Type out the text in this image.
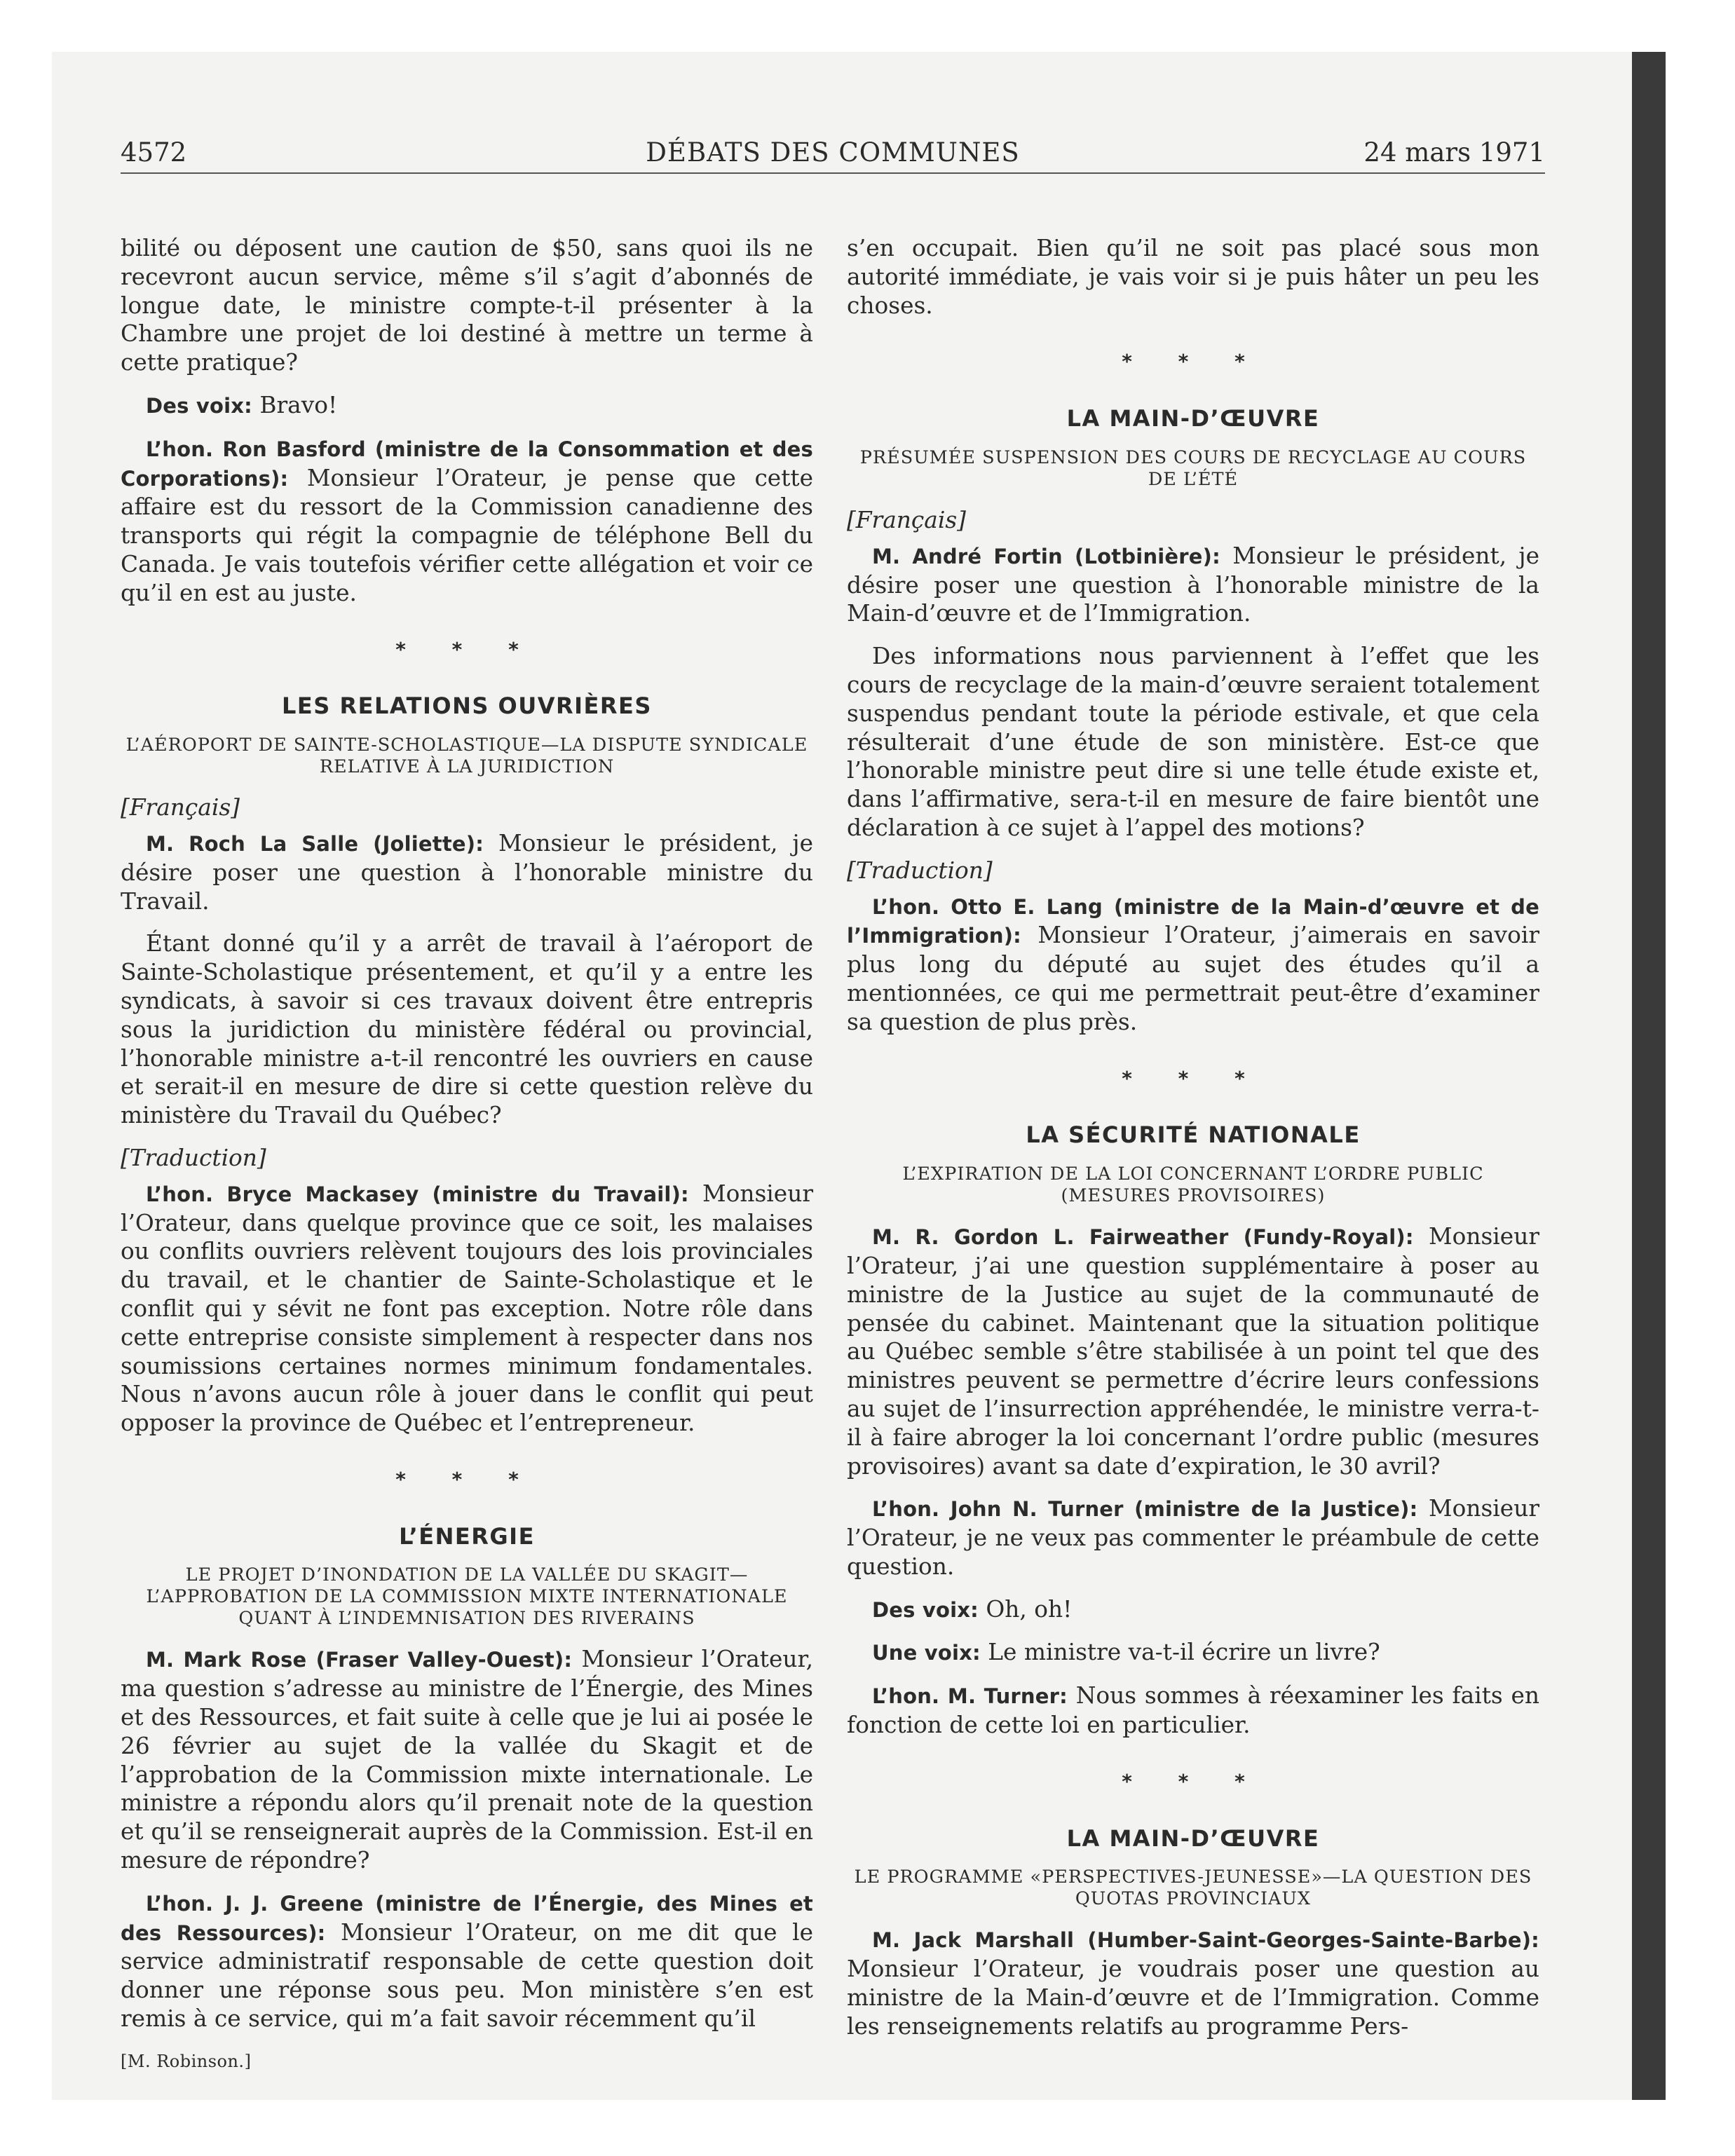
4572	DÉBATS DES COMMUNES	24 mars 1971

bilité ou déposent une caution de $50, sans quoi ils ne recevront aucun service, même s’il s’agit d’abonnés de longue date, le ministre compte-t-il présenter à la Chambre une projet de loi destiné à mettre un terme à cette pratique?

Des voix: Bravo!

L’hon. Ron Basford (ministre de la Consommation et des Corporations): Monsieur l’Orateur, je pense que cette affaire est du ressort de la Commission canadienne des transports qui régit la compagnie de téléphone Bell du Canada. Je vais toutefois vérifier cette allégation et voir ce qu’il en est au juste.

* * *
LES RELATIONS OUVRIÈRES
L’AÉROPORT DE SAINTE-SCHOLASTIQUE—LA DISPUTE SYNDICALE RELATIVE À LA JURIDICTION
[Français]

M. Roch La Salle (Joliette): Monsieur le président, je désire poser une question à l’honorable ministre du Travail.

Étant donné qu’il y a arrêt de travail à l’aéroport de Sainte-Scholastique présentement, et qu’il y a entre les syndicats, à savoir si ces travaux doivent être entrepris sous la juridiction du ministère fédéral ou provincial, l’honorable ministre a-t-il rencontré les ouvriers en cause et serait-il en mesure de dire si cette question relève du ministère du Travail du Québec?

[Traduction]

L’hon. Bryce Mackasey (ministre du Travail): Monsieur l’Orateur, dans quelque province que ce soit, les malaises ou conflits ouvriers relèvent toujours des lois provinciales du travail, et le chantier de Sainte-Scholastique et le conflit qui y sévit ne font pas exception. Notre rôle dans cette entreprise consiste simplement à respecter dans nos soumissions certaines normes minimum fondamentales. Nous n’avons aucun rôle à jouer dans le conflit qui peut opposer la province de Québec et l’entrepreneur.

* * *
L’ÉNERGIE
LE PROJET D’INONDATION DE LA VALLÉE DU SKAGIT—L’APPROBATION DE LA COMMISSION MIXTE INTERNATIONALE QUANT À L’INDEMNISATION DES RIVERAINS

M. Mark Rose (Fraser Valley-Ouest): Monsieur l’Orateur, ma question s’adresse au ministre de l’Énergie, des Mines et des Ressources, et fait suite à celle que je lui ai posée le 26 février au sujet de la vallée du Skagit et de l’approbation de la Commission mixte internationale. Le ministre a répondu alors qu’il prenait note de la question et qu’il se renseignerait auprès de la Commission. Est-il en mesure de répondre?

L’hon. J. J. Greene (ministre de l’Énergie, des Mines et des Ressources): Monsieur l’Orateur, on me dit que le service administratif responsable de cette question doit donner une réponse sous peu. Mon ministère s’en est remis à ce service, qui m’a fait savoir récemment qu’il

[M. Robinson.]

s’en occupait. Bien qu’il ne soit pas placé sous mon autorité immédiate, je vais voir si je puis hâter un peu les choses.

* * *
LA MAIN-D’ŒUVRE
PRÉSUMÉE SUSPENSION DES COURS DE RECYCLAGE AU COURS DE L’ÉTÉ
[Français]

M. André Fortin (Lotbinière): Monsieur le président, je désire poser une question à l’honorable ministre de la Main-d’œuvre et de l’Immigration.

Des informations nous parviennent à l’effet que les cours de recyclage de la main-d’œuvre seraient totalement suspendus pendant toute la période estivale, et que cela résulterait d’une étude de son ministère. Est-ce que l’honorable ministre peut dire si une telle étude existe et, dans l’affirmative, sera-t-il en mesure de faire bientôt une déclaration à ce sujet à l’appel des motions?

[Traduction]

L’hon. Otto E. Lang (ministre de la Main-d’œuvre et de l’Immigration): Monsieur l’Orateur, j’aimerais en savoir plus long du député au sujet des études qu’il a mentionnées, ce qui me permettrait peut-être d’examiner sa question de plus près.

* * *
LA SÉCURITÉ NATIONALE
L’EXPIRATION DE LA LOI CONCERNANT L’ORDRE PUBLIC (MESURES PROVISOIRES)

M. R. Gordon L. Fairweather (Fundy-Royal): Monsieur l’Orateur, j’ai une question supplémentaire à poser au ministre de la Justice au sujet de la communauté de pensée du cabinet. Maintenant que la situation politique au Québec semble s’être stabilisée à un point tel que des ministres peuvent se permettre d’écrire leurs confessions au sujet de l’insurrection appréhendée, le ministre verra-t-il à faire abroger la loi concernant l’ordre public (mesures provisoires) avant sa date d’expiration, le 30 avril?

L’hon. John N. Turner (ministre de la Justice): Monsieur l’Orateur, je ne veux pas commenter le préambule de cette question.

Des voix: Oh, oh!

Une voix: Le ministre va-t-il écrire un livre?

L’hon. M. Turner: Nous sommes à réexaminer les faits en fonction de cette loi en particulier.

* * *
LA MAIN-D’ŒUVRE
LE PROGRAMME «PERSPECTIVES-JEUNESSE»—LA QUESTION DES QUOTAS PROVINCIAUX

M. Jack Marshall (Humber-Saint-Georges-Sainte-Barbe): Monsieur l’Orateur, je voudrais poser une question au ministre de la Main-d’œuvre et de l’Immigration. Comme les renseignements relatifs au programme Pers-
